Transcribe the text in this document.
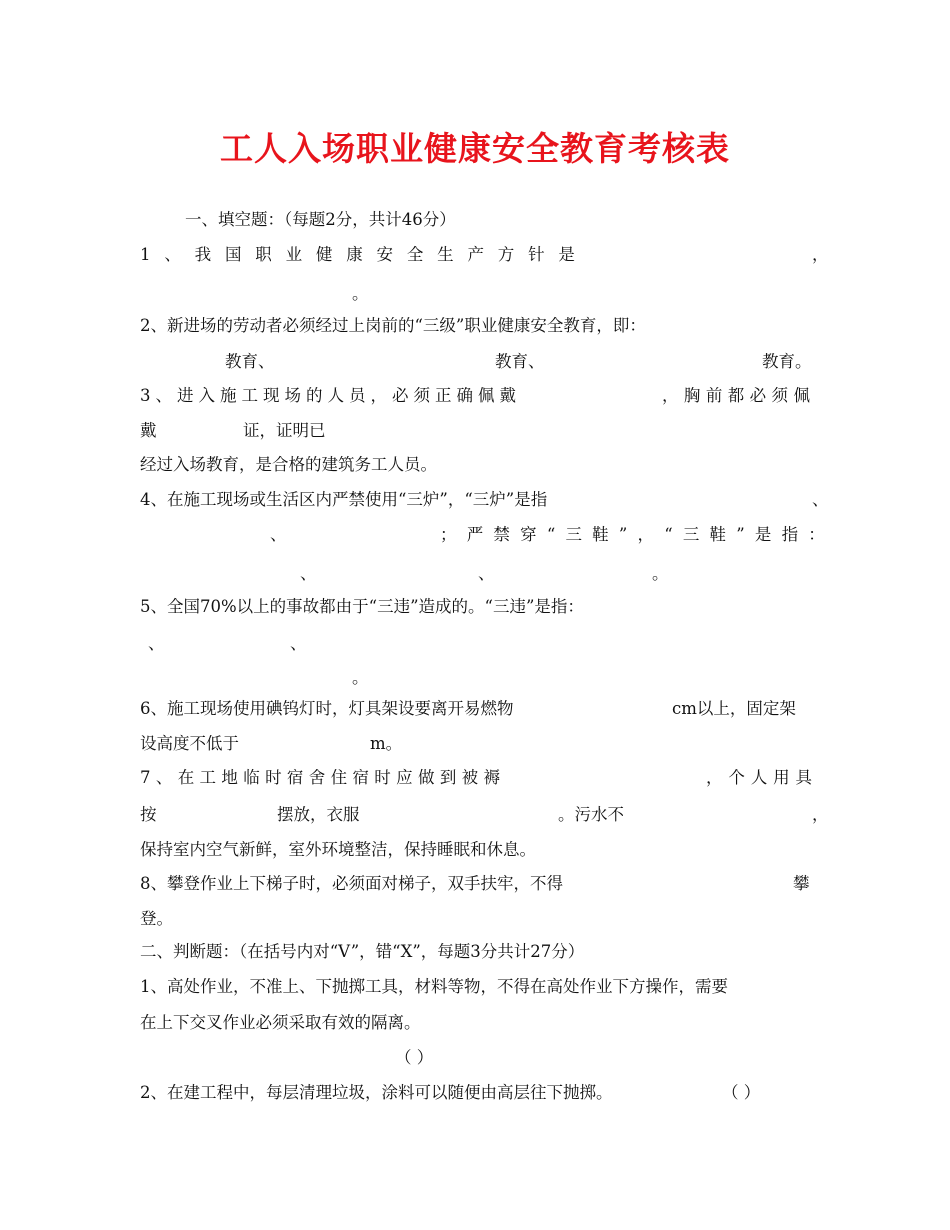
工人入场职业健康安全教育考核表
一、填空题：（每题2分，共计46分）
1 、 我 国 职 业 健 康 安 全 生 产 方 针 是	，
。
2、新进场的劳动者必须经过上岗前的“三级”职业健康安全教育，即：
教育、	教育、	教育。
3 、 进 入 施 工 现 场 的 人 员 ， 必 须 正 确 佩 戴	， 胸 前 都 必 须 佩
戴	证，证明已
经过入场教育，是合格的建筑务工人员。
4、在施工现场或生活区内严禁使用“三炉”，“三炉”是指	、
、	； 严 禁 穿 “ 三 鞋 ” ， “ 三 鞋 ” 是 指 ：
、	、	。
5、全国70%以上的事故都由于“三违”造成的。“三违”是指：
、	、
。
6、施工现场使用碘钨灯时，灯具架设要离开易燃物	cm以上，固定架
设高度不低于	m。
7 、 在 工 地 临 时 宿 舍 住 宿 时 应 做 到 被 褥	， 个 人 用 具
按	摆放，衣服	。污水不	，
保持室内空气新鲜，室外环境整洁，保持睡眠和休息。
8、攀登作业上下梯子时，必须面对梯子，双手扶牢，不得	攀
登。
二、判断题：（在括号内对“V”，错“X”，每题3分共计27分）
1、高处作业，不准上、下抛掷工具，材料等物，不得在高处作业下方操作，需要
在上下交叉作业必须采取有效的隔离。
（ ）
2、在建工程中，每层清理垃圾，涂料可以随便由高层往下抛掷。	（ ）
